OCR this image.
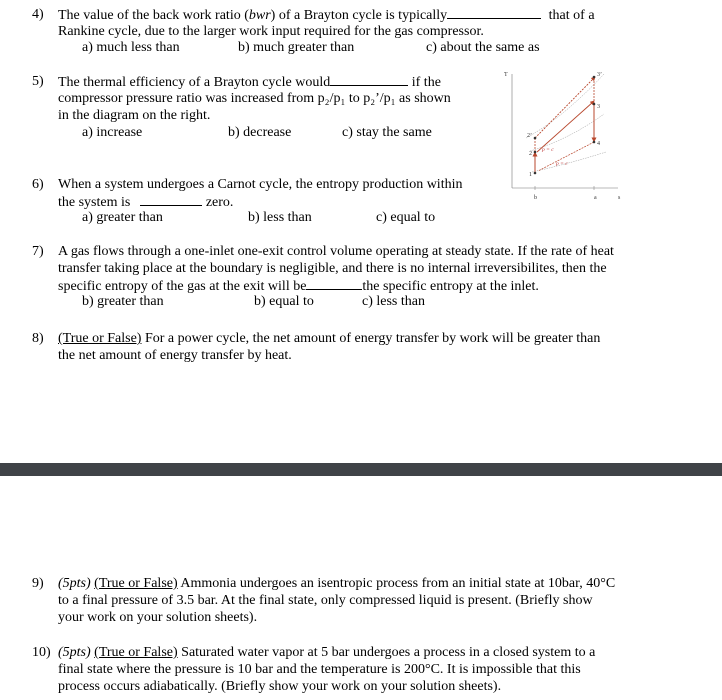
4)	The value of the back work ratio (bwr) of a Brayton cycle is typically	that of a
Rankine cycle, due to the larger work input required for the gas compressor.
a) much less than	b) much greater than	c) about the same as
5)	The thermal efficiency of a Brayton cycle would	if the
compressor pressure ratio was increased from p₂/p₁ to p₂’/p₁ as shown
in the diagram on the right.
a) increase	b) decrease	c) stay the same
T
s
1
2
2’
3
3’
4
a
b
p = c
p = c
6)	When a system undergoes a Carnot cycle, the entropy production within
the system is	zero.
a) greater than	b) less than	c) equal to
7)	A gas flows through a one-inlet one-exit control volume operating at steady state. If the rate of heat
transfer taking place at the boundary is negligible, and there is no internal irreversibilites, then the
specific entropy of the gas at the exit will be	the specific entropy at the inlet.
b) greater than	b) equal to	c) less than
8)	(True or False) For a power cycle, the net amount of energy transfer by work will be greater than
the net amount of energy transfer by heat.
9)	(5pts) (True or False) Ammonia undergoes an isentropic process from an initial state at 10bar, 40°C
to a final pressure of 3.5 bar. At the final state, only compressed liquid is present. (Briefly show
your work on your solution sheets).
10) (5pts) (True or False) Saturated water vapor at 5 bar undergoes a process in a closed system to a
final state where the pressure is 10 bar and the temperature is 200°C. It is impossible that this
process occurs adiabatically. (Briefly show your work on your solution sheets).
